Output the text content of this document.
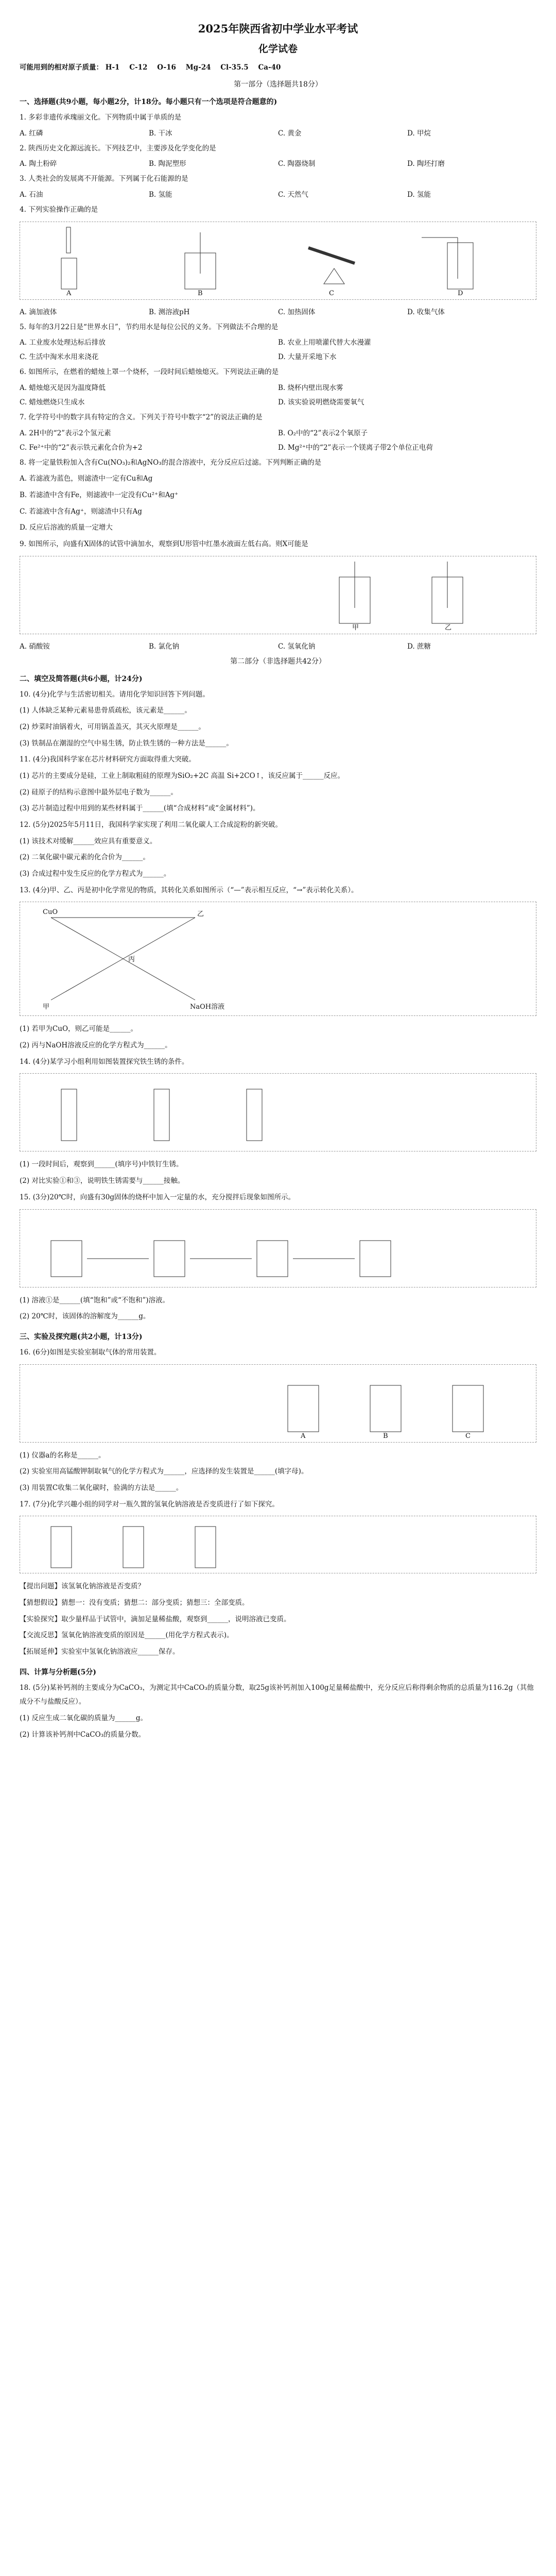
2025年陕西省初中学业水平考试
化学试卷
可能用到的相对原子质量： H-1 C-12 O-16 Mg-24 Cl-35.5 Ca-40
第一部分（选择题共18分）
一、选择题(共9小题，每小题2分，计18分。每小题只有一个选项是符合题意的)
1. 多彩非遗传承瑰丽文化。下列物质中属于单质的是
A. 红磷	B. 干冰	C. 黄金	D. 甲烷
2. 陕西历史文化源远流长。下列技艺中，主要涉及化学变化的是
A. 陶土粉碎	B. 陶泥塑形	C. 陶器烧制	D. 陶坯打磨
3. 人类社会的发展离不开能源。下列属于化石能源的是
A. 石油	B. 氢能	C. 天然气	D. 氢能
4. 下列实验操作正确的是
A	B	C	D
A. 滴加液体	B. 测溶液pH	C. 加热固体	D. 收集气体
5. 每年的3月22日是“世界水日”，节约用水是每位公民的义务。下列做法不合理的是
A. 工业废水处理达标后排放	B. 农业上用喷灌代替大水漫灌
C. 生活中淘米水用来浇花	D. 大量开采地下水
6. 如图所示，在燃着的蜡烛上罩一个烧杯，一段时间后蜡烛熄灭。下列说法正确的是
A. 蜡烛熄灭是因为温度降低	B. 烧杯内壁出现水雾
C. 蜡烛燃烧只生成水	D. 该实验说明燃烧需要氧气
7. 化学符号中的数字具有特定的含义。下列关于符号中数字“2”的说法正确的是
A. 2H中的“2”表示2个氢元素	B. O₂中的“2”表示2个氧原子
C. Fe²⁺中的“2”表示铁元素化合价为+2	D. Mg²⁺中的“2”表示一个镁离子带2个单位正电荷
8. 将一定量铁粉加入含有Cu(NO₃)₂和AgNO₃的混合溶液中，充分反应后过滤。下列判断正确的是
A. 若滤液为蓝色，则滤渣中一定有Cu和Ag
B. 若滤渣中含有Fe，则滤液中一定没有Cu²⁺和Ag⁺
C. 若滤液中含有Ag⁺，则滤渣中只有Ag
D. 反应后溶液的质量一定增大
9. 如图所示，向盛有X固体的试管中滴加水，观察到U形管中红墨水液面左低右高。则X可能是
甲	乙
A. 硝酸铵	B. 氯化钠	C. 氢氧化钠	D. 蔗糖
第二部分（非选择题共42分）
二、填空及简答题(共6小题，计24分)
10. (4分)化学与生活密切相关。请用化学知识回答下列问题。
(1) 人体缺乏某种元素易患骨质疏松，该元素是______。
(2) 炒菜时油锅着火，可用锅盖盖灭，其灭火原理是______。
(3) 铁制品在潮湿的空气中易生锈，防止铁生锈的一种方法是______。
11. (4分)我国科学家在芯片材料研究方面取得重大突破。
(1) 芯片的主要成分是硅，工业上制取粗硅的原理为SiO₂+2C 高温 Si+2CO↑，该反应属于______反应。
(2) 硅原子的结构示意图中最外层电子数为______。
(3) 芯片制造过程中用到的某些材料属于______(填“合成材料”或“金属材料”)。
12. (5分)2025年5月11日，我国科学家实现了利用二氧化碳人工合成淀粉的新突破。
(1) 该技术对缓解______效应具有重要意义。
(2) 二氧化碳中碳元素的化合价为______。
(3) 合成过程中发生反应的化学方程式为______。
13. (4分)甲、乙、丙是初中化学常见的物质，其转化关系如图所示（“—”表示相互反应，“→”表示转化关系）。
CuO	乙
丙
甲	NaOH溶液
(1) 若甲为CuO，则乙可能是______。
(2) 丙与NaOH溶液反应的化学方程式为______。
14. (4分)某学习小组利用如图装置探究铁生锈的条件。
(1) 一段时间后，观察到______(填序号)中铁钉生锈。
(2) 对比实验①和③，说明铁生锈需要与______接触。
15. (3分)20℃时，向盛有30g固体的烧杯中加入一定量的水，充分搅拌后现象如图所示。
(1) 溶液①是______(填“饱和”或“不饱和”)溶液。
(2) 20℃时，该固体的溶解度为______g。
三、实验及探究题(共2小题，计13分)
16. (6分)如图是实验室制取气体的常用装置。
A	B	C
(1) 仪器a的名称是______。
(2) 实验室用高锰酸钾制取氧气的化学方程式为______，应选择的发生装置是______(填字母)。
(3) 用装置C收集二氧化碳时，验满的方法是______。
17. (7分)化学兴趣小组的同学对一瓶久置的氢氧化钠溶液是否变质进行了如下探究。
【提出问题】该氢氧化钠溶液是否变质？
【猜想假设】猜想一：没有变质；猜想二：部分变质；猜想三：全部变质。
【实验探究】取少量样品于试管中，滴加足量稀盐酸，观察到______，说明溶液已变质。
【交流反思】氢氧化钠溶液变质的原因是______(用化学方程式表示)。
【拓展延伸】实验室中氢氧化钠溶液应______保存。
四、计算与分析题(5分)
18. (5分)某补钙剂的主要成分为CaCO₃，为测定其中CaCO₃的质量分数，取25g该补钙剂加入100g足量稀盐酸中，充分反应后称得剩余物质的总质量为116.2g（其他成分不与盐酸反应）。
(1) 反应生成二氧化碳的质量为______g。
(2) 计算该补钙剂中CaCO₃的质量分数。
